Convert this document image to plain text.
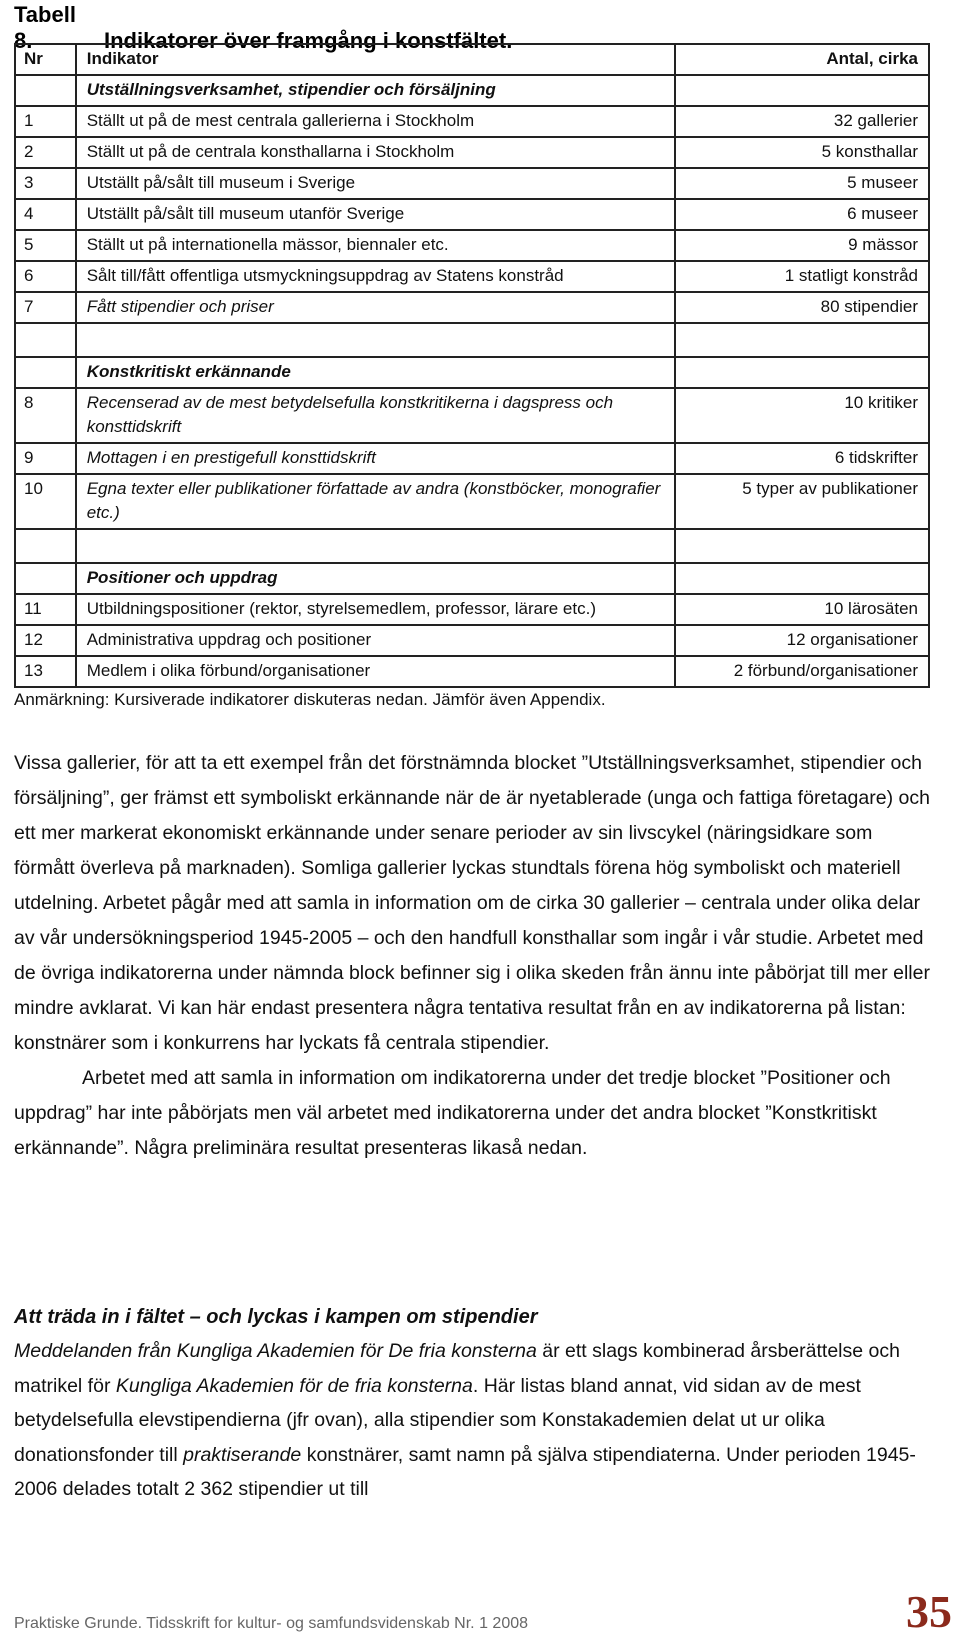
Tabell 8.	Indikatorer över framgång i konstfältet.
Nr	Indikator	Antal, cirka
	Utställningsverksamhet, stipendier och försäljning	
1	Ställt ut på de mest centrala gallerierna i Stockholm	32 gallerier
2	Ställt ut på de centrala konsthallarna i Stockholm	5 konsthallar
3	Utställt på/sålt till museum i Sverige	5 museer
4	Utställt på/sålt till museum utanför Sverige	6 museer
5	Ställt ut på internationella mässor, biennaler etc.	9 mässor
6	Sålt till/fått offentliga utsmyckningsuppdrag av Statens konstråd	1 statligt konstråd
7	Fått stipendier och priser	80 stipendier

	Konstkritiskt erkännande	
8	Recenserad av de mest betydelsefulla konstkritikerna i dagspress och konsttidskrift	10 kritiker
9	Mottagen i en prestigefull konsttidskrift	6 tidskrifter
10	Egna texter eller publikationer författade av andra (konstböcker, monografier etc.)	5 typer av publikationer

	Positioner och uppdrag	
11	Utbildningspositioner (rektor, styrelsemedlem, professor, lärare etc.)	10 lärosäten
12	Administrativa uppdrag och positioner	12 organisationer
13	Medlem i olika förbund/organisationer	2 förbund/organisationer
Anmärkning: Kursiverade indikatorer diskuteras nedan. Jämför även Appendix.

Vissa gallerier, för att ta ett exempel från det förstnämnda blocket ”Utställningsverksamhet, stipendier och försäljning”, ger främst ett symboliskt erkännande när de är nyetablerade (unga och fattiga företagare) och ett mer markerat ekonomiskt erkännande under senare perioder av sin livscykel (näringsidkare som förmått överleva på marknaden). Somliga gallerier lyckas stundtals förena hög symboliskt och materiell utdelning. Arbetet pågår med att samla in information om de cirka 30 gallerier – centrala under olika delar av vår undersökningsperiod 1945-2005 – och den handfull konsthallar som ingår i vår studie. Arbetet med de övriga indikatorerna under nämnda block befinner sig i olika skeden från ännu inte påbörjat till mer eller mindre avklarat. Vi kan här endast presentera några tentativa resultat från en av indikatorerna på listan: konstnärer som i konkurrens har lyckats få centrala stipendier.

Arbetet med att samla in information om indikatorerna under det tredje blocket ”Positioner och uppdrag” har inte påbörjats men väl arbetet med indikatorerna under det andra blocket ”Konstkritiskt erkännande”. Några preliminära resultat presenteras likaså nedan.

Att träda in i fältet – och lyckas i kampen om stipendier

Meddelanden från Kungliga Akademien för De fria konsterna är ett slags kombinerad årsberättelse och matrikel för Kungliga Akademien för de fria konsterna. Här listas bland annat, vid sidan av de mest betydelsefulla elevstipendierna (jfr ovan), alla stipendier som Konstakademien delat ut ur olika donationsfonder till praktiserande konstnärer, samt namn på själva stipendiaterna. Under perioden 1945-2006 delades totalt 2 362 stipendier ut till

Praktiske Grunde. Tidsskrift for kultur- og samfundsvidenskab Nr. 1 2008	35
